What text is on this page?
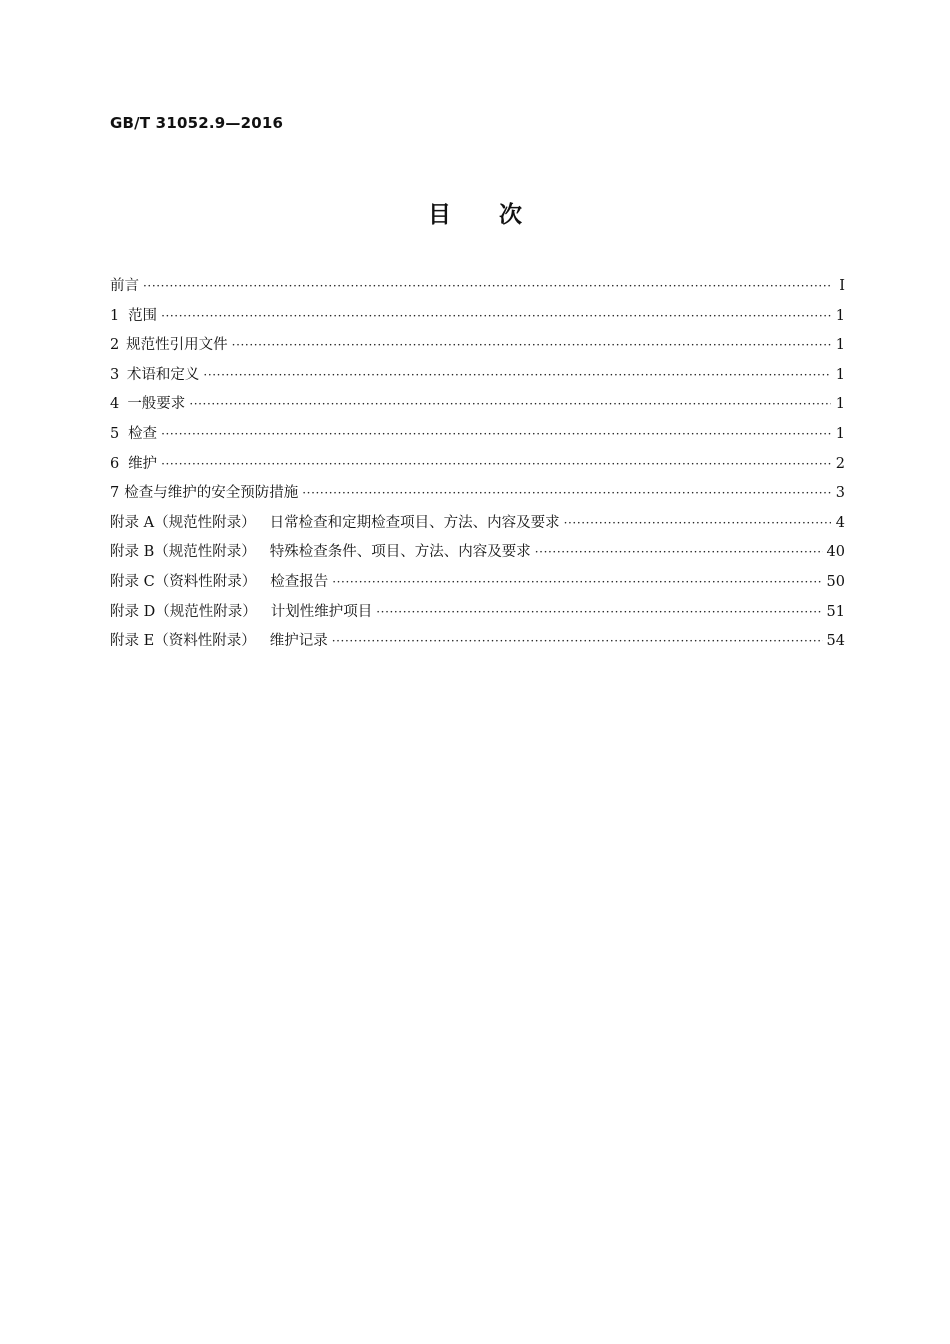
GB/T 31052.9—2016
目次
前言 ·····	Ⅰ
1 范围 ·····	1
2 规范性引用文件 ·····	1
3 术语和定义 ·····	1
4 一般要求 ·····	1
5 检查 ·····	1
6 维护 ·····	2
7 检查与维护的安全预防措施 ·····	3
附录 A（规范性附录） 日常检查和定期检查项目、方法、内容及要求 ·····	4
附录 B（规范性附录） 特殊检查条件、项目、方法、内容及要求 ·····	40
附录 C（资料性附录） 检查报告 ·····	50
附录 D（规范性附录） 计划性维护项目 ·····	51
附录 E（资料性附录） 维护记录 ·····	54
